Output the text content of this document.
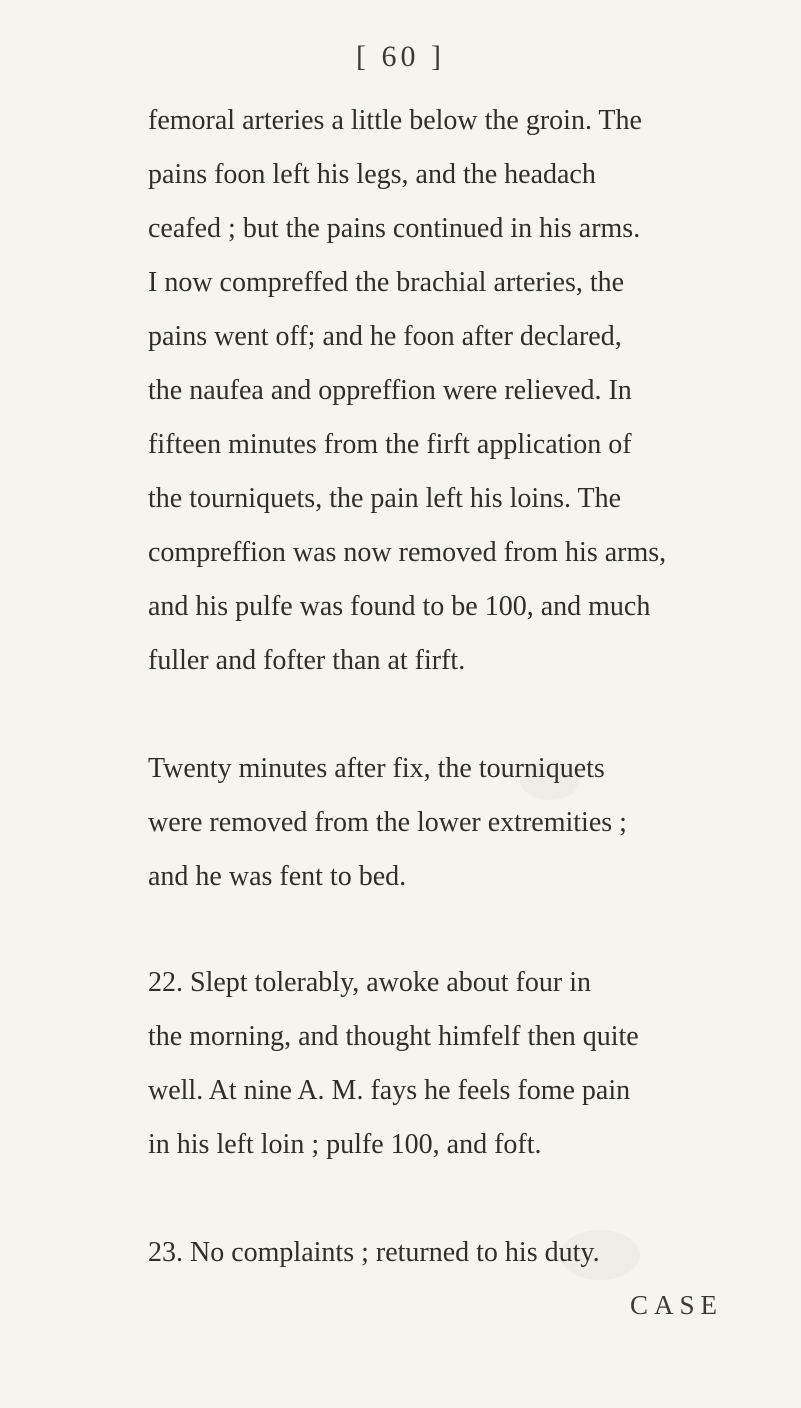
[ 60 ]
femoral arteries a little below the groin. The
pains foon left his legs, and the headach
ceafed ; but the pains continued in his arms.
I now compreffed the brachial arteries, the
pains went off; and he foon after declared,
the naufea and oppreffion were relieved. In
fifteen minutes from the firft application of
the tourniquets, the pain left his loins. The
compreffion was now removed from his arms,
and his pulfe was found to be 100, and much
fuller and fofter than at firft.
Twenty minutes after fix, the tourniquets
were removed from the lower extremities ;
and he was fent to bed.
22. Slept tolerably, awoke about four in
the morning, and thought himfelf then quite
well. At nine A. M. fays he feels fome pain
in his left loin ; pulfe 100, and foft.
23. No complaints ; returned to his duty.
CASE
